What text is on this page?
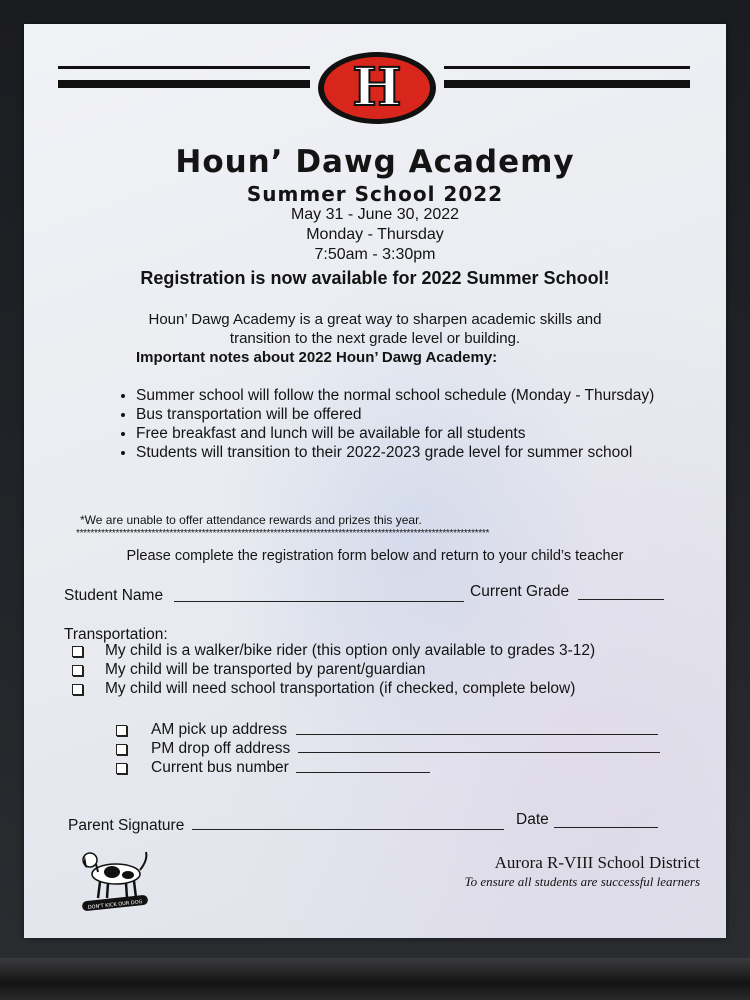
H
Houn’ Dawg Academy
Summer School 2022
May 31 - June 30, 2022
Monday - Thursday
7:50am - 3:30pm
Registration is now available for 2022 Summer School!
Houn’ Dawg Academy is a great way to sharpen academic skills and
transition to the next grade level or building.
Important notes about 2022 Houn’ Dawg Academy:
• Summer school will follow the normal school schedule (Monday - Thursday)
• Bus transportation will be offered
• Free breakfast and lunch will be available for all students
• Students will transition to their 2022-2023 grade level for summer school
*We are unable to offer attendance rewards and prizes this year.
*******************************************************************************************************************
Please complete the registration form below and return to your child’s teacher
Student Name	Current Grade
Transportation:
My child is a walker/bike rider (this option only available to grades 3-12)
My child will be transported by parent/guardian
My child will need school transportation (if checked, complete below)
AM pick up address
PM drop off address
Current bus number
Parent Signature	Date
DON'T KICK OUR DOG
Aurora R-VIII School District
To ensure all students are successful learners
